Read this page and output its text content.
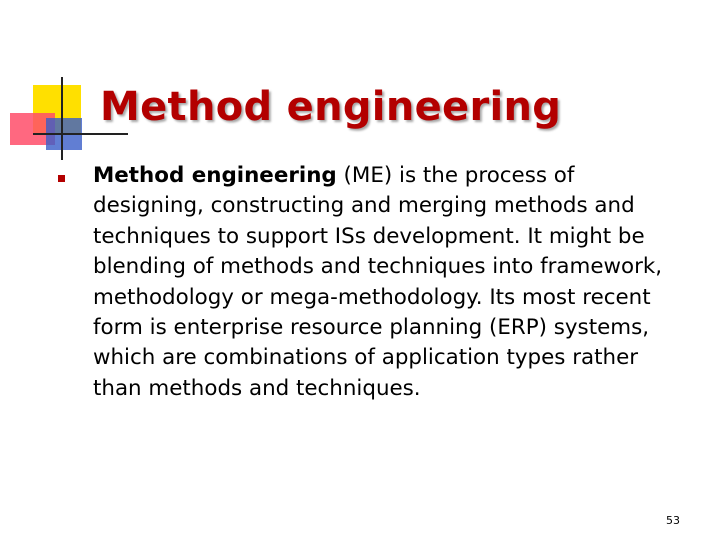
Method engineering
Method engineering (ME) is the process of designing, constructing and merging methods and techniques to support ISs development. It might be blending of methods and techniques into framework, methodology or mega-methodology. Its most recent form is enterprise resource planning (ERP) systems, which are combinations of application types rather than methods and techniques.
53
